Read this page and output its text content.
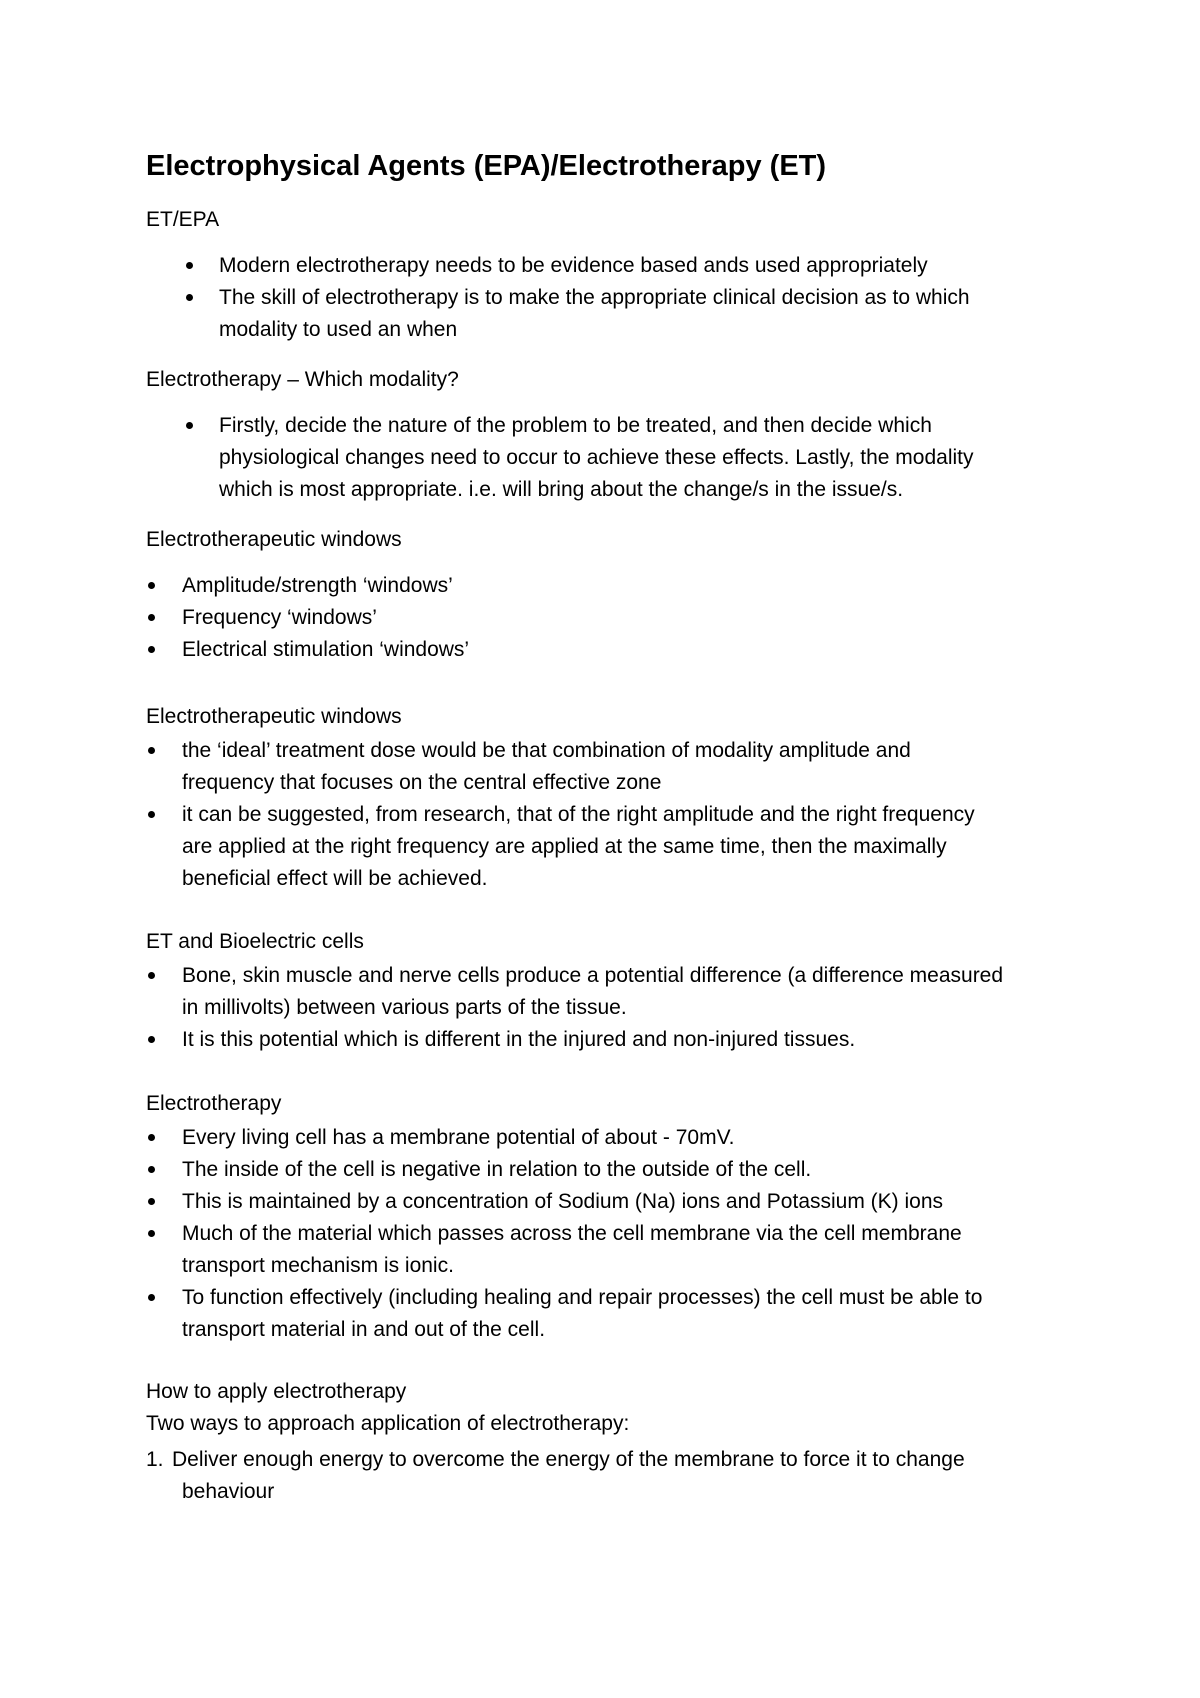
Electrophysical Agents (EPA)/Electrotherapy (ET)
ET/EPA
Modern electrotherapy needs to be evidence based ands used appropriately
The skill of electrotherapy is to make the appropriate clinical decision as to which
modality to used an when
Electrotherapy – Which modality?
Firstly, decide the nature of the problem to be treated, and then decide which
physiological changes need to occur to achieve these effects. Lastly, the modality
which is most appropriate. i.e. will bring about the change/s in the issue/s.
Electrotherapeutic windows
Amplitude/strength ‘windows’
Frequency ‘windows’
Electrical stimulation ‘windows’
Electrotherapeutic windows
the ‘ideal’ treatment dose would be that combination of modality amplitude and
frequency that focuses on the central effective zone
it can be suggested, from research, that of the right amplitude and the right frequency
are applied at the right frequency are applied at the same time, then the maximally
beneficial effect will be achieved.
ET and Bioelectric cells
Bone, skin muscle and nerve cells produce a potential difference (a difference measured
in millivolts) between various parts of the tissue.
It is this potential which is different in the injured and non-injured tissues.
Electrotherapy
Every living cell has a membrane potential of about - 70mV.
The inside of the cell is negative in relation to the outside of the cell.
This is maintained by a concentration of Sodium (Na) ions and Potassium (K) ions
Much of the material which passes across the cell membrane via the cell membrane
transport mechanism is ionic.
To function effectively (including healing and repair processes) the cell must be able to
transport material in and out of the cell.
How to apply electrotherapy
Two ways to approach application of electrotherapy:
1. Deliver enough energy to overcome the energy of the membrane to force it to change
behaviour
